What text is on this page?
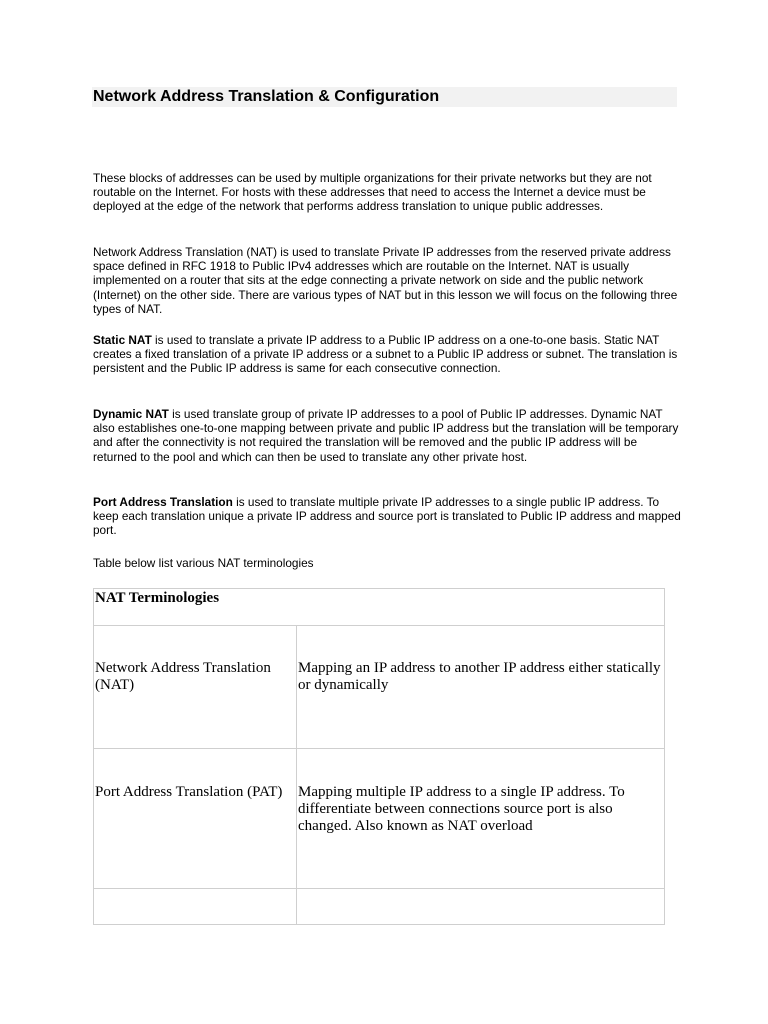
Network Address Translation & Configuration

These blocks of addresses can be used by multiple organizations for their private networks but they are not routable on the Internet. For hosts with these addresses that need to access the Internet a device must be deployed at the edge of the network that performs address translation to unique public addresses.

Network Address Translation (NAT) is used to translate Private IP addresses from the reserved private address space defined in RFC 1918 to Public IPv4 addresses which are routable on the Internet. NAT is usually implemented on a router that sits at the edge connecting a private network on side and the public network (Internet) on the other side. There are various types of NAT but in this lesson we will focus on the following three types of NAT.

Static NAT is used to translate a private IP address to a Public IP address on a one-to-one basis. Static NAT creates a fixed translation of a private IP address or a subnet to a Public IP address or subnet. The translation is persistent and the Public IP address is same for each consecutive connection.

Dynamic NAT is used translate group of private IP addresses to a pool of Public IP addresses. Dynamic NAT also establishes one-to-one mapping between private and public IP address but the translation will be temporary and after the connectivity is not required the translation will be removed and the public IP address will be returned to the pool and which can then be used to translate any other private host.

Port Address Translation is used to translate multiple private IP addresses to a single public IP address. To keep each translation unique a private IP address and source port is translated to Public IP address and mapped port.

Table below list various NAT terminologies

NAT Terminologies	

Network Address Translation (NAT)	Mapping an IP address to another IP address either statically or dynamically

Port Address Translation (PAT)	Mapping multiple IP address to a single IP address. To differentiate between connections source port is also changed. Also known as NAT overload
